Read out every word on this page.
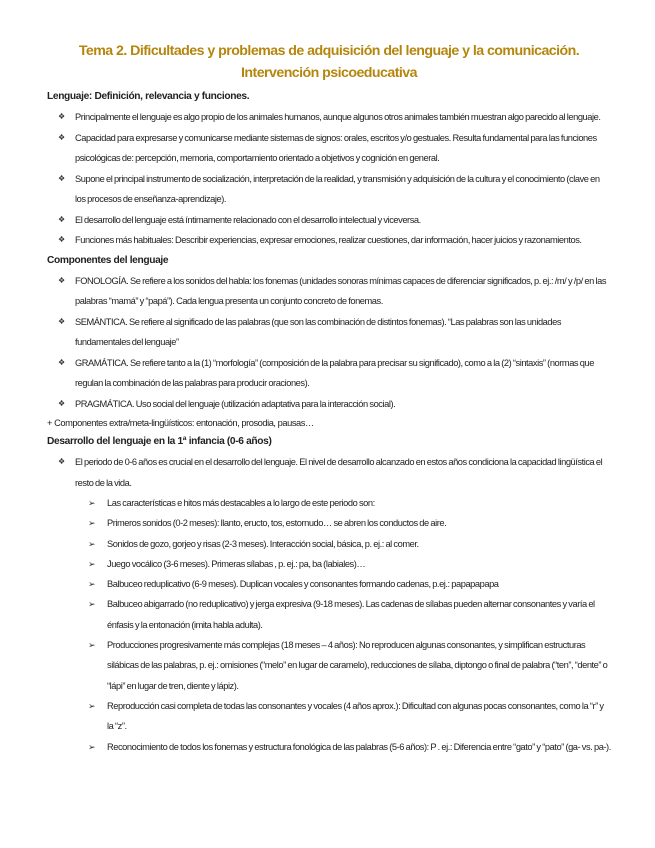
Tema 2. Dificultades y problemas de adquisición del lenguaje y la comunicación.
Intervención psicoeducativa

Lenguaje: Definición, relevancia y funciones.

❖ Principalmente el lenguaje es algo propio de los animales humanos, aunque algunos otros animales también muestran algo parecido al lenguaje.
❖ Capacidad para expresarse y comunicarse mediante sistemas de signos: orales, escritos y/o gestuales. Resulta fundamental para las funciones psicológicas de: percepción, memoria, comportamiento orientado a objetivos y cognición en general.
❖ Supone el principal instrumento de socialización, interpretación de la realidad, y transmisión y adquisición de la cultura y el conocimiento (clave en los procesos de enseñanza-aprendizaje).
❖ El desarrollo del lenguaje está íntimamente relacionado con el desarrollo intelectual y viceversa.
❖ Funciones más habituales: Describir experiencias, expresar emociones, realizar cuestiones, dar información, hacer juicios y razonamientos.

Componentes del lenguaje

❖ FONOLOGÍA. Se refiere a los sonidos del habla: los fonemas (unidades sonoras mínimas capaces de diferenciar significados, p. ej.: /m/ y /p/ en las palabras “mamá” y “papá”). Cada lengua presenta un conjunto concreto de fonemas.
❖ SEMÁNTICA. Se refiere al significado de las palabras (que son las combinación de distintos fonemas). “Las palabras son las unidades fundamentales del lenguaje”
❖ GRAMÁTICA. Se refiere tanto a la (1) “morfología” (composición de la palabra para precisar su significado), como a la (2) “sintaxis” (normas que regulan la combinación de las palabras para producir oraciones).
❖ PRAGMÁTICA. Uso social del lenguaje (utilización adaptativa para la interacción social).

+ Componentes extra/meta-lingüísticos: entonación, prosodia, pausas…

Desarrollo del lenguaje en la 1ª infancia (0-6 años)

❖ El periodo de 0-6 años es crucial en el desarrollo del lenguaje. El nivel de desarrollo alcanzado en estos años condiciona la capacidad lingüística el resto de la vida.
➢ Las características e hitos más destacables a lo largo de este periodo son:
➢ Primeros sonidos (0-2 meses): llanto, eructo, tos, estornudo… se abren los conductos de aire.
➢ Sonidos de gozo, gorjeo y risas (2-3 meses). Interacción social, básica, p. ej.: al comer.
➢ Juego vocálico (3-6 meses). Primeras sílabas , p. ej.: pa, ba (labiales)…
➢ Balbuceo reduplicativo (6-9 meses). Duplican vocales y consonantes formando cadenas, p.ej.: papapapapa
➢ Balbuceo abigarrado (no reduplicativo) y jerga expresiva (9-18 meses). Las cadenas de sílabas pueden alternar consonantes y varía el énfasis y la entonación (imita habla adulta).
➢ Producciones progresivamente más complejas (18 meses – 4 años): No reproducen algunas consonantes, y simplifican estructuras silábicas de las palabras, p. ej.: omisiones (“melo” en lugar de caramelo), reducciones de sílaba, diptongo o final de palabra (“ten”, “dente” o “lápi” en lugar de tren, diente y lápiz).
➢ Reproducción casi completa de todas las consonantes y vocales (4 años aprox.): Dificultad con algunas pocas consonantes, como la “r” y la “z”.
➢ Reconocimiento de todos los fonemas y estructura fonológica de las palabras (5-6 años): P . ej.: Diferencia entre “gato” y “pato” (ga- vs. pa-).
